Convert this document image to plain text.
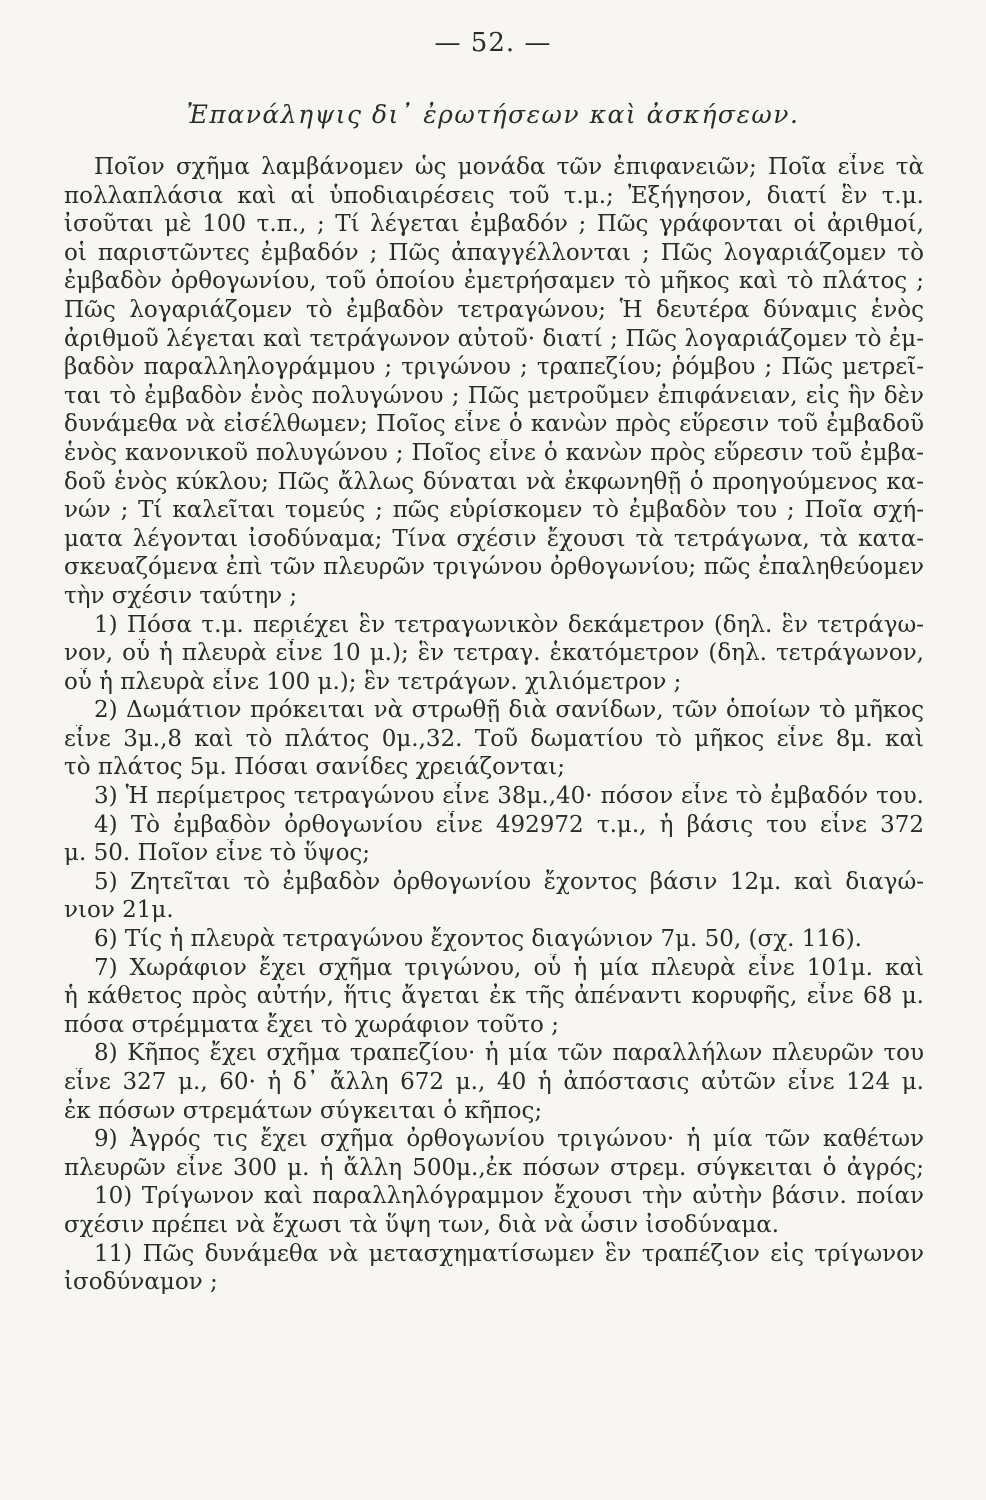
— 52. —
Ἐπανάληψις δι᾽ ἐρωτήσεων καὶ ἀσκήσεων.
Ποῖον σχῆμα λαμβάνομεν ὡς μονάδα τῶν ἐπιφανειῶν; Ποῖα εἶνε τὰ
πολλαπλάσια καὶ αἱ ὑποδιαιρέσεις τοῦ τ.μ.; Ἐξήγησον, διατί ἓν τ.μ.
ἰσοῦται μὲ 100 τ.π., ; Τί λέγεται ἐμβαδόν ; Πῶς γράφονται οἱ ἀριθμοί,
οἱ παριστῶντες ἐμβαδόν ; Πῶς ἀπαγγέλλονται ; Πῶς λογαριάζομεν τὸ
ἐμβαδὸν ὀρθογωνίου, τοῦ ὁποίου ἐμετρήσαμεν τὸ μῆκος καὶ τὸ πλάτος ;
Πῶς λογαριάζομεν τὸ ἐμβαδὸν τετραγώνου; Ἡ δευτέρα δύναμις ἑνὸς
ἀριθμοῦ λέγεται καὶ τετράγωνον αὐτοῦ· διατί ; Πῶς λογαριάζομεν τὸ ἐμ-
βαδὸν παραλληλογράμμου ; τριγώνου ; τραπεζίου; ῥόμβου ; Πῶς μετρεῖ-
ται τὸ ἐμβαδὸν ἑνὸς πολυγώνου ; Πῶς μετροῦμεν ἐπιφάνειαν, εἰς ἣν δὲν
δυνάμεθα νὰ εἰσέλθωμεν; Ποῖος εἶνε ὁ κανὼν πρὸς εὕρεσιν τοῦ ἐμβαδοῦ
ἑνὸς κανονικοῦ πολυγώνου ; Ποῖος εἶνε ὁ κανὼν πρὸς εὕρεσιν τοῦ ἐμβα-
δοῦ ἑνὸς κύκλου; Πῶς ἄλλως δύναται νὰ ἐκφωνηθῇ ὁ προηγούμενος κα-
νών ; Τί καλεῖται τομεύς ; πῶς εὑρίσκομεν τὸ ἐμβαδὸν του ; Ποῖα σχή-
ματα λέγονται ἰσοδύναμα; Τίνα σχέσιν ἔχουσι τὰ τετράγωνα, τὰ κατα-
σκευαζόμενα ἐπὶ τῶν πλευρῶν τριγώνου ὀρθογωνίου; πῶς ἐπαληθεύομεν
τὴν σχέσιν ταύτην ;
1) Πόσα τ.μ. περιέχει ἓν τετραγωνικὸν δεκάμετρον (δηλ. ἓν τετράγω-
νον, οὗ ἡ πλευρὰ εἶνε 10 μ.); ἓν τετραγ. ἑκατόμετρον (δηλ. τετράγωνον,
οὗ ἡ πλευρὰ εἶνε 100 μ.); ἓν τετράγων. χιλιόμετρον ;
2) Δωμάτιον πρόκειται νὰ στρωθῇ διὰ σανίδων, τῶν ὁποίων τὸ μῆκος
εἶνε 3μ.,8 καὶ τὸ πλάτος 0μ.,32. Τοῦ δωματίου τὸ μῆκος εἶνε 8μ. καὶ
τὸ πλάτος 5μ. Πόσαι σανίδες χρειάζονται;
3) Ἡ περίμετρος τετραγώνου εἶνε 38μ.,40· πόσον εἶνε τὸ ἐμβαδόν του.
4) Τὸ ἐμβαδὸν ὀρθογωνίου εἶνε 492972 τ.μ., ἡ βάσις του εἶνε 372
μ. 50. Ποῖον εἶνε τὸ ὕψος;
5) Ζητεῖται τὸ ἐμβαδὸν ὀρθογωνίου ἔχοντος βάσιν 12μ. καὶ διαγώ-
νιον 21μ.
6) Τίς ἡ πλευρὰ τετραγώνου ἔχοντος διαγώνιον 7μ. 50, (σχ. 116).
7) Χωράφιον ἔχει σχῆμα τριγώνου, οὗ ἡ μία πλευρὰ εἶνε 101μ. καὶ
ἡ κάθετος πρὸς αὐτήν, ἥτις ἄγεται ἐκ τῆς ἀπέναντι κορυφῆς, εἶνε 68 μ.
πόσα στρέμματα ἔχει τὸ χωράφιον τοῦτο ;
8) Κῆπος ἔχει σχῆμα τραπεζίου· ἡ μία τῶν παραλλήλων πλευρῶν του
εἶνε 327 μ., 60· ἡ δ᾽ ἄλλη 672 μ., 40 ἡ ἀπόστασις αὐτῶν εἶνε 124 μ.
ἐκ πόσων στρεμάτων σύγκειται ὁ κῆπος;
9) Ἀγρός τις ἔχει σχῆμα ὀρθογωνίου τριγώνου· ἡ μία τῶν καθέτων
πλευρῶν εἶνε 300 μ. ἡ ἄλλη 500μ.,ἐκ πόσων στρεμ. σύγκειται ὁ ἀγρός;
10) Τρίγωνον καὶ παραλληλόγραμμον ἔχουσι τὴν αὐτὴν βάσιν. ποίαν
σχέσιν πρέπει νὰ ἔχωσι τὰ ὕψη των, διὰ νὰ ὦσιν ἰσοδύναμα.
11) Πῶς δυνάμεθα νὰ μετασχηματίσωμεν ἓν τραπέζιον εἰς τρίγωνον
ἰσοδύναμον ;
